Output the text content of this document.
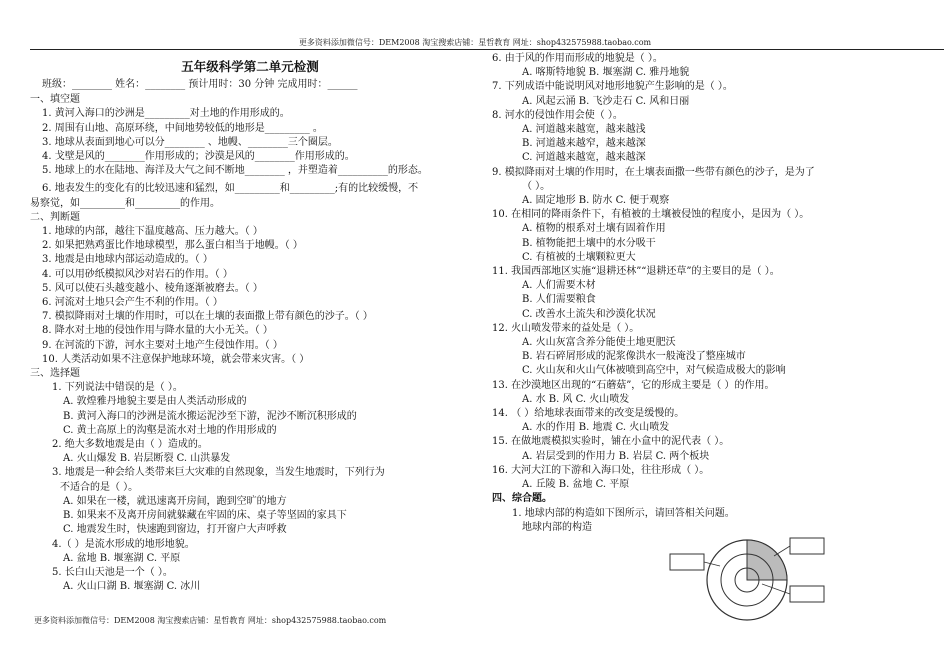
更多资料添加微信号：DEM2008 淘宝搜索店铺：星哲教育 网址：shop432575988.taobao.com
五年级科学第二单元检测
班级：________ 姓名：________ 预计用时：30 分钟 完成用时：______
一、填空题
1. 黄河入海口的沙洲是_________对土地的作用形成的。
2. 周围有山地、高原环绕，中间地势较低的地形是_________ 。
3. 地球从表面到地心可以分________ 、地幔、________三个圈层。
4. 戈壁是风的________作用形成的；沙漠是风的________作用形成的。
5. 地球上的水在陆地、海洋及大气之间不断地________ ，并塑造着__________的形态。
6. 地表发生的变化有的比较迅速和猛烈，如_________和_________;有的比较缓慢，不
易察觉，如_________和_________的作用。
二、判断题
1. 地球的内部，越往下温度越高、压力越大。（ ）
2. 如果把熟鸡蛋比作地球模型，那么蛋白相当于地幔。（ ）
3. 地震是由地球内部运动造成的。（ ）
4. 可以用砂纸模拟风沙对岩石的作用。（ ）
5. 风可以使石头越变越小、棱角逐渐被磨去。（ ）
6. 河流对土地只会产生不利的作用。（ ）
7. 模拟降雨对土壤的作用时，可以在土壤的表面撒上带有颜色的沙子。（ ）
8. 降水对土地的侵蚀作用与降水量的大小无关。（ ）
9. 在河流的下游，河水主要对土地产生侵蚀作用。（ ）
10. 人类活动如果不注意保护地球环境，就会带来灾害。（ ）
三、选择题
1. 下列说法中错误的是（ ）。
A. 敦煌雅丹地貌主要是由人类活动形成的
B. 黄河入海口的沙洲是流水搬运泥沙至下游，泥沙不断沉积形成的
C. 黄土高原上的沟壑是流水对土地的作用形成的
2. 绝大多数地震是由（ ）造成的。
A. 火山爆发 B. 岩层断裂 C. 山洪暴发
3. 地震是一种会给人类带来巨大灾难的自然现象，当发生地震时，下列行为
不适合的是（ ）。
A. 如果在一楼，就迅速离开房间，跑到空旷的地方
B. 如果来不及离开房间就躲藏在牢固的床、桌子等坚固的家具下
C. 地震发生时，快速跑到窗边，打开窗户大声呼救
4.（ ）是流水形成的地形地貌。
A. 盆地 B. 堰塞湖 C. 平原
5. 长白山天池是一个（ ）。
A. 火山口湖 B. 堰塞湖 C. 冰川
6. 由于风的作用而形成的地貌是（ ）。
A. 喀斯特地貌 B. 堰塞湖 C. 雅丹地貌
7. 下列成语中能说明风对地形地貌产生影响的是（ ）。
A. 风起云涌 B. 飞沙走石 C. 风和日丽
8. 河水的侵蚀作用会使（ ）。
A. 河道越来越宽，越来越浅
B. 河道越来越窄，越来越深
C. 河道越来越宽，越来越深
9. 模拟降雨对土壤的作用时，在土壤表面撒一些带有颜色的沙子，是为了
（ ）。
A. 固定地形 B. 防水 C. 便于观察
10. 在相同的降雨条件下，有植被的土壤被侵蚀的程度小，是因为（ ）。
A. 植物的根系对土壤有固着作用
B. 植物能把土壤中的水分吸干
C. 有植被的土壤颗粒更大
11. 我国西部地区实施“退耕还林”“退耕还草”的主要目的是（ ）。
A. 人们需要木材
B. 人们需要粮食
C. 改善水土流失和沙漠化状况
12. 火山喷发带来的益处是（ ）。
A. 火山灰富含养分能使土地更肥沃
B. 岩石碎屑形成的泥浆像洪水一般淹没了整座城市
C. 火山灰和火山气体被喷到高空中，对气候造成极大的影响
13. 在沙漠地区出现的“石蘑菇”，它的形成主要是（ ）的作用。
A. 水 B. 风 C. 火山喷发
14. （ ）给地球表面带来的改变是缓慢的。
A. 水的作用 B. 地震 C. 火山喷发
15. 在做地震模拟实验时，铺在小盒中的泥代表（ ）。
A. 岩层受到的作用力 B. 岩层 C. 两个板块
16. 大河大江的下游和入海口处，往往形成（ ）。
A. 丘陵 B. 盆地 C. 平原
四、综合题。
1. 地球内部的构造如下图所示，请回答相关问题。
地球内部的构造
更多资料添加微信号：DEM2008 淘宝搜索店铺：星哲教育 网址：shop432575988.taobao.com
